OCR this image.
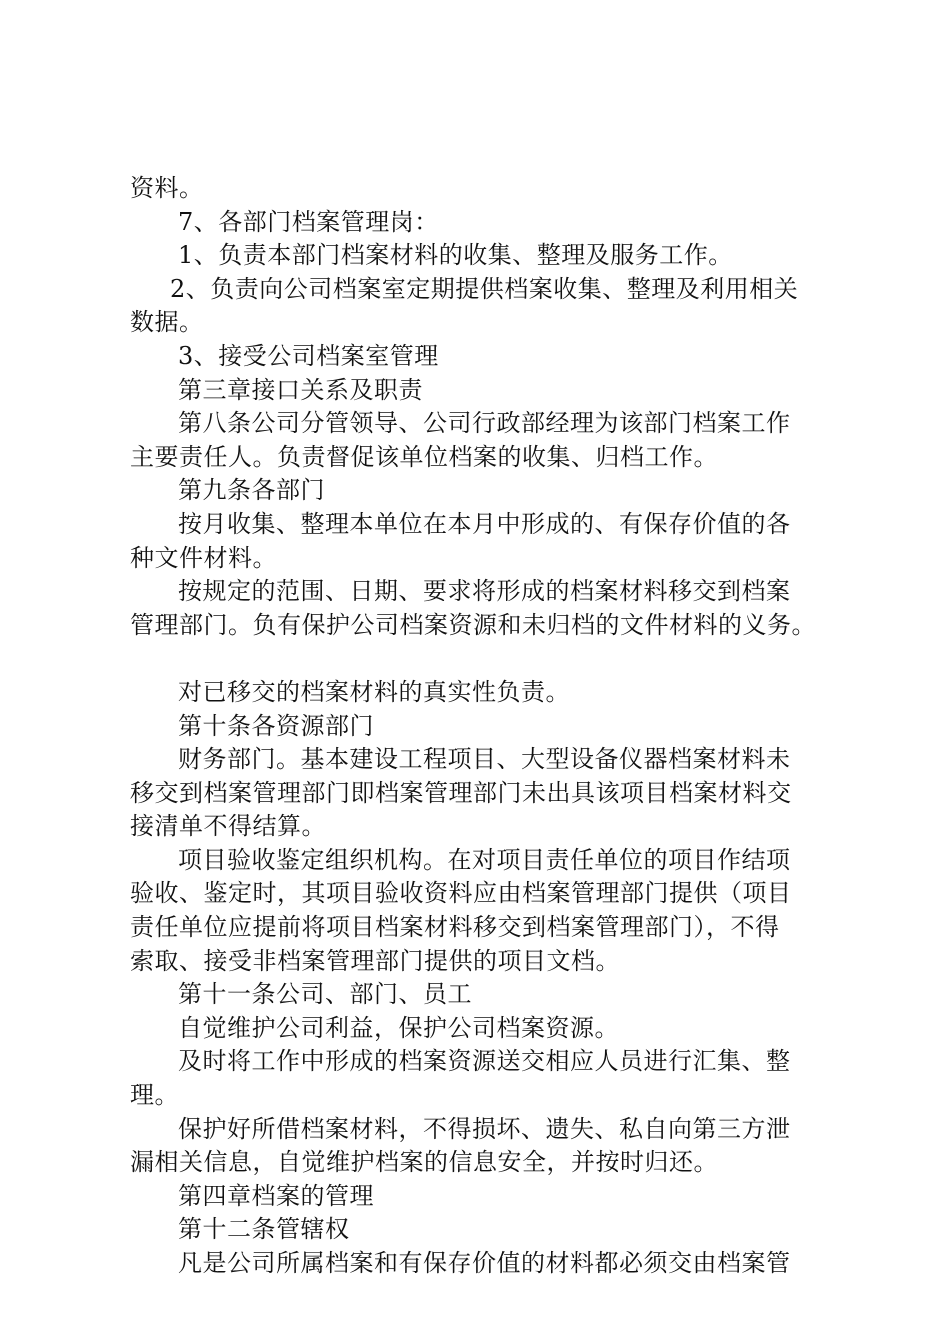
资料。
7、各部门档案管理岗：
1、负责本部门档案材料的收集、整理及服务工作。
2、负责向公司档案室定期提供档案收集、整理及利用相关
数据。
3、接受公司档案室管理
第三章接口关系及职责
第八条公司分管领导、公司行政部经理为该部门档案工作
主要责任人。负责督促该单位档案的收集、归档工作。
第九条各部门
按月收集、整理本单位在本月中形成的、有保存价值的各
种文件材料。
按规定的范围、日期、要求将形成的档案材料移交到档案
管理部门。负有保护公司档案资源和未归档的文件材料的义务。
对已移交的档案材料的真实性负责。
第十条各资源部门
财务部门。基本建设工程项目、大型设备仪器档案材料未
移交到档案管理部门即档案管理部门未出具该项目档案材料交
接清单不得结算。
项目验收鉴定组织机构。在对项目责任单位的项目作结项
验收、鉴定时，其项目验收资料应由档案管理部门提供（项目
责任单位应提前将项目档案材料移交到档案管理部门），不得
索取、接受非档案管理部门提供的项目文档。
第十一条公司、部门、员工
自觉维护公司利益，保护公司档案资源。
及时将工作中形成的档案资源送交相应人员进行汇集、整
理。
保护好所借档案材料，不得损坏、遗失、私自向第三方泄
漏相关信息，自觉维护档案的信息安全，并按时归还。
第四章档案的管理
第十二条管辖权
凡是公司所属档案和有保存价值的材料都必须交由档案管
